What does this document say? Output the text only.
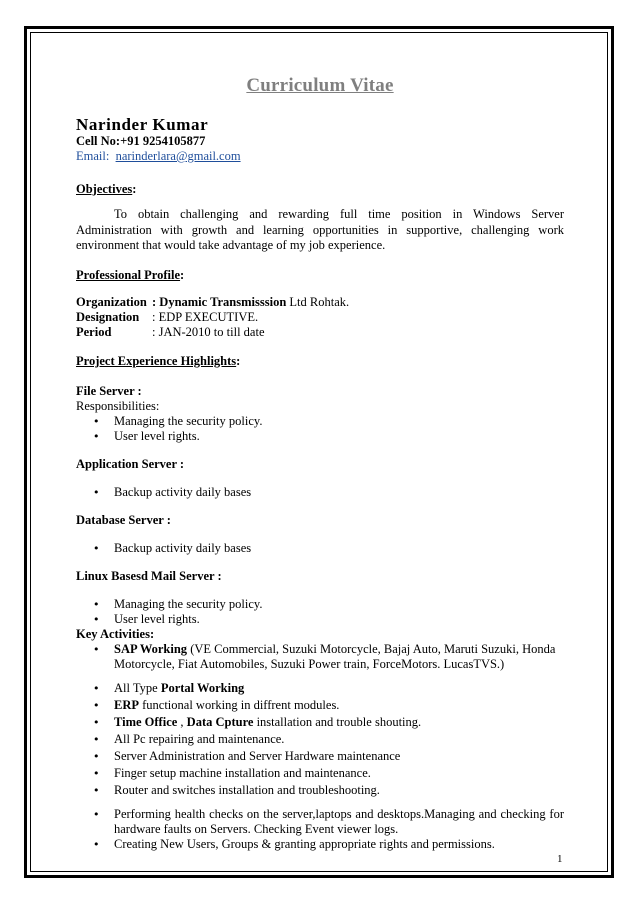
Curriculum Vitae
Narinder Kumar
Cell No:+91 9254105877
Email: narinderlara@gmail.com
Objectives:
To obtain challenging and rewarding full time position in Windows Server Administration with growth and learning opportunities in supportive, challenging work environment that would take advantage of my job experience.
Professional Profile:
Organization : Dynamic Transmisssion Ltd Rohtak.
Designation	: EDP EXECUTIVE.
Period	: JAN-2010 to till date
Project Experience Highlights:
File Server :
Responsibilities:
• Managing the security policy.
• User level rights.
Application Server :
• Backup activity daily bases
Database Server :
• Backup activity daily bases
Linux Basesd Mail Server :
• Managing the security policy.
• User level rights.
Key Activities:
• SAP Working (VE Commercial, Suzuki Motorcycle, Bajaj Auto, Maruti Suzuki, Honda Motorcycle, Fiat Automobiles, Suzuki Power train, ForceMotors. LucasTVS.)
• All Type Portal Working
• ERP functional working in diffrent modules.
• Time Office , Data Cpture installation and trouble shouting.
• All Pc repairing and maintenance.
• Server Administration and Server Hardware maintenance
• Finger setup machine installation and maintenance.
• Router and switches installation and troubleshooting.
• Performing health checks on the server,laptops and desktops.Managing and checking for hardware faults on Servers. Checking Event viewer logs.
• Creating New Users, Groups & granting appropriate rights and permissions.
1
